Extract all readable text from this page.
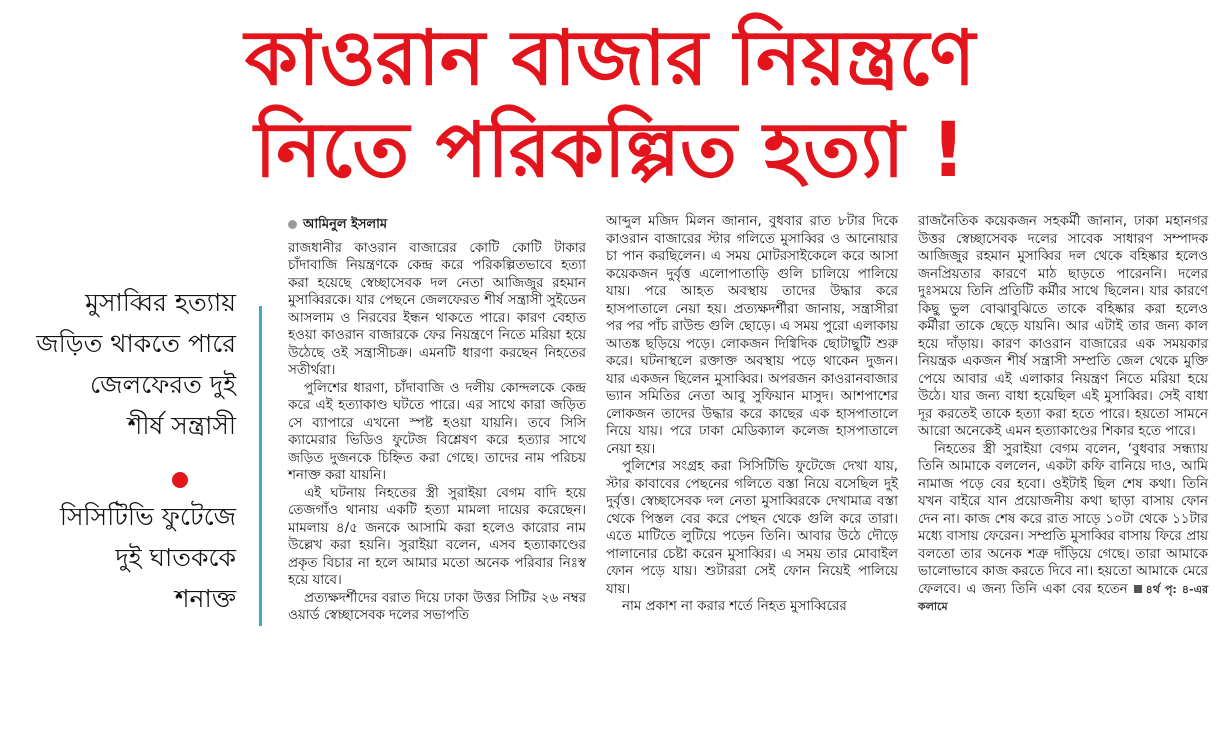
কাওরান বাজার নিয়ন্ত্রণে
নিতে পরিকল্পিত হত্যা !
মুসাব্বির হত্যায়
জড়িত থাকতে পারে
জেলফেরত দুই
শীর্ষ সন্ত্রাসী
সিসিটিভি ফুটেজে
দুই ঘাতককে
শনাক্ত
আমিনুল ইসলাম

রাজধানীর কাওরান বাজারের কোটি কোটি টাকার চাঁদাবাজি নিয়ন্ত্রণকে কেন্দ্র করে পরিকল্পিতভাবে হত্যা করা হয়েছে স্বেচ্ছাসেবক দল নেতা আজিজুর রহমান মুসাব্বিরকে। যার পেছনে জেলফেরত শীর্ষ সন্ত্রাসী সুইডেন আসলাম ও নিরবের ইন্ধন থাকতে পারে। কারণ বেহাত হওয়া কাওরান বাজারকে ফের নিয়ন্ত্রণে নিতে মরিয়া হয়ে উঠেছে ওই সন্ত্রাসীচক্র। এমনটি ধারণা করছেন নিহতের সতীর্থরা।

পুলিশের ধারণা, চাঁদাবাজি ও দলীয় কোন্দলকে কেন্দ্র করে এই হত্যাকাণ্ড ঘটতে পারে। এর সাথে কারা জড়িত সে ব্যাপারে এখনো স্পষ্ট হওয়া যায়নি। তবে সিসি ক্যামেরার ভিডিও ফুটেজ বিশ্লেষণ করে হত্যার সাথে জড়িত দুজনকে চিহ্নিত করা গেছে। তাদের নাম পরিচয় শনাক্ত করা যায়নি।

এই ঘটনায় নিহতের স্ত্রী সুরাইয়া বেগম বাদি হয়ে তেজগাঁও থানায় একটি হত্যা মামলা দায়ের করেছেন। মামলায় ৪/৫ জনকে আসামি করা হলেও কারোর নাম উল্লেখ করা হয়নি। সুরাইয়া বলেন, এসব হত্যাকাণ্ডের প্রকৃত বিচার না হলে আমার মতো অনেক পরিবার নিঃস্ব হয়ে যাবে।

প্রত্যক্ষদর্শীদের বরাত দিয়ে ঢাকা উত্তর সিটির ২৬ নম্বর ওয়ার্ড স্বেচ্ছাসেবক দলের সভাপতি

আব্দুল মজিদ মিলন জানান, বুধবার রাত ৮টার দিকে কাওরান বাজারের স্টার গলিতে মুসাব্বির ও আনোয়ার চা পান করছিলেন। এ সময় মোটরসাইকেলে করে আসা কয়েকজন দুর্বৃত্ত এলোপাতাড়ি গুলি চালিয়ে পালিয়ে যায়। পরে আহত অবস্থায় তাদের উদ্ধার করে হাসপাতালে নেয়া হয়। প্রত্যক্ষদর্শীরা জানায়, সন্ত্রাসীরা পর পর পাঁচ রাউন্ড গুলি ছোড়ে। এ সময় পুরো এলাকায় আতঙ্ক ছড়িয়ে পড়ে। লোকজন দিগ্বিদিক ছোটাছুটি শুরু করে। ঘটনাস্থলে রক্তাক্ত অবস্থায় পড়ে থাকেন দুজন। যার একজন ছিলেন মুসাব্বির। অপরজন কাওরানবাজার ভ্যান সমিতির নেতা আবু সুফিয়ান মাসুদ। আশপাশের লোকজন তাদের উদ্ধার করে কাছের এক হাসপাতালে নিয়ে যায়। পরে ঢাকা মেডিক্যাল কলেজ হাসপাতালে নেয়া হয়।

পুলিশের সংগ্রহ করা সিসিটিভি ফুটেজে দেখা যায়, স্টার কাবাবের পেছনের গলিতে বস্তা নিয়ে বসেছিল দুই দুর্বৃত্ত। স্বেচ্ছাসেবক দল নেতা মুসাব্বিরকে দেখামাত্র বস্তা থেকে পিস্তল বের করে পেছন থেকে গুলি করে তারা। এতে মাটিতে লুটিয়ে পড়েন তিনি। আবার উঠে দৌড়ে পালানোর চেষ্টা করেন মুসাব্বির। এ সময় তার মোবাইল ফোন পড়ে যায়। শুটাররা সেই ফোন নিয়েই পালিয়ে যায়।

নাম প্রকাশ না করার শর্তে নিহত মুসাব্বিরের

রাজনৈতিক কয়েকজন সহকর্মী জানান, ঢাকা মহানগর উত্তর স্বেচ্ছাসেবক দলের সাবেক সাধারণ সম্পাদক আজিজুর রহমান মুসাব্বির দল থেকে বহিষ্কার হলেও জনপ্রিয়তার কারণে মাঠ ছাড়তে পারেননি। দলের দুঃসময়ে তিনি প্রতিটি কর্মীর সাথে ছিলেন। যার কারণে কিছু ভুল বোঝাবুঝিতে তাকে বহিষ্কার করা হলেও কর্মীরা তাকে ছেড়ে যায়নি। আর এটাই তার জন্য কাল হয়ে দাঁড়ায়। কারণ কাওরান বাজারের এক সময়কার নিয়ন্ত্রক একজন শীর্ষ সন্ত্রাসী সম্প্রতি জেল থেকে মুক্তি পেয়ে আবার এই এলাকার নিয়ন্ত্রণ নিতে মরিয়া হয়ে উঠে। যার জন্য বাধা হয়েছিল এই মুসাব্বির। সেই বাধা দূর করতেই তাকে হত্যা করা হতে পারে। হয়তো সামনে আরো অনেকেই এমন হত্যাকাণ্ডের শিকার হতে পারে।

নিহতের স্ত্রী সুরাইয়া বেগম বলেন, ‘বুধবার সন্ধ্যায় তিনি আমাকে বললেন, একটা কফি বানিয়ে দাও, আমি নামাজ পড়ে বের হবো। ওইটাই ছিল শেষ কথা। তিনি যখন বাইরে যান প্রয়োজনীয় কথা ছাড়া বাসায় ফোন দেন না। কাজ শেষ করে রাত সাড়ে ১০টা থেকে ১১টার মধ্যে বাসায় ফেরেন। সম্প্রতি মুসাব্বির বাসায় ফিরে প্রায় বলতো তার অনেক শত্রু দাঁড়িয়ে গেছে। তারা আমাকে ভালোভাবে কাজ করতে দিবে না। হয়তো আমাকে মেরে ফেলবে। এ জন্য তিনি একা বের হতেন ৪র্থ পৃ: ৪-এর কলামে
